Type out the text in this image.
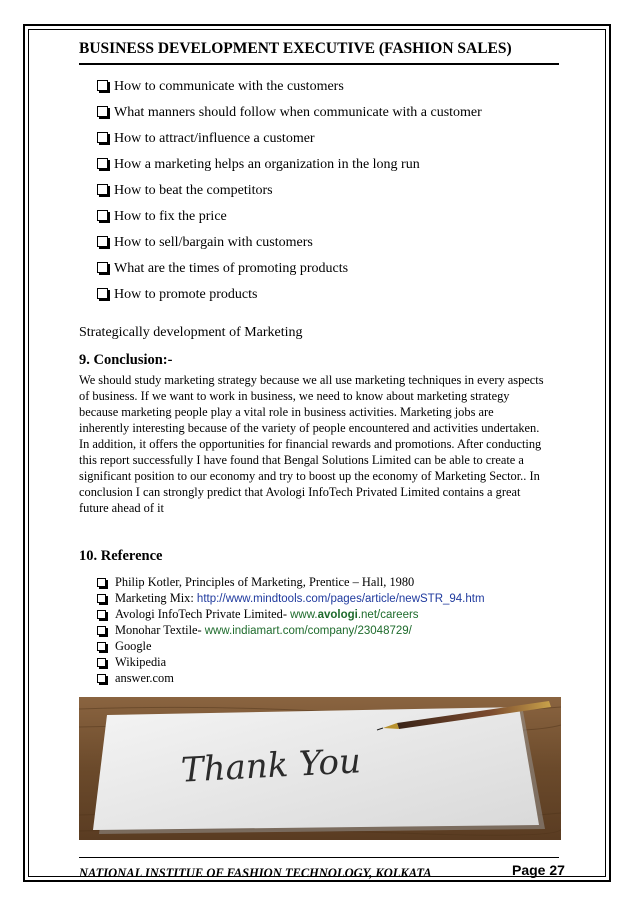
BUSINESS DEVELOPMENT EXECUTIVE (FASHION SALES)
How to communicate with the customers
What manners should follow when communicate with a customer
How to attract/influence a customer
How a marketing helps an organization in the long run
How to beat the competitors
How to fix the price
How to sell/bargain with customers
What are the times of promoting products
How to promote products
Strategically development of Marketing
9. Conclusion:-
We should study marketing strategy because we all use marketing techniques in every aspects
of business. If we want to work in business, we need to know about marketing strategy
because marketing people play a vital role in business activities. Marketing jobs are
inherently interesting because of the variety of people encountered and activities undertaken.
In addition, it offers the opportunities for financial rewards and promotions. After conducting
this report successfully I have found that Bengal Solutions Limited can be able to create a
significant position to our economy and try to boost up the economy of Marketing Sector.. In
conclusion I can strongly predict that Avologi InfoTech Privated Limited contains a great
future ahead of it
10. Reference
Philip Kotler, Principles of Marketing, Prentice – Hall, 1980
Marketing Mix: http://www.mindtools.com/pages/article/newSTR_94.htm
Avologi InfoTech Private Limited- www.avologi.net/careers
Monohar Textile- www.indiamart.com/company/23048729/
Google
Wikipedia
answer.com
Thank You
NATIONAL INSTITUE OF FASHION TECHNOLOGY, KOLKATA	Page 27
